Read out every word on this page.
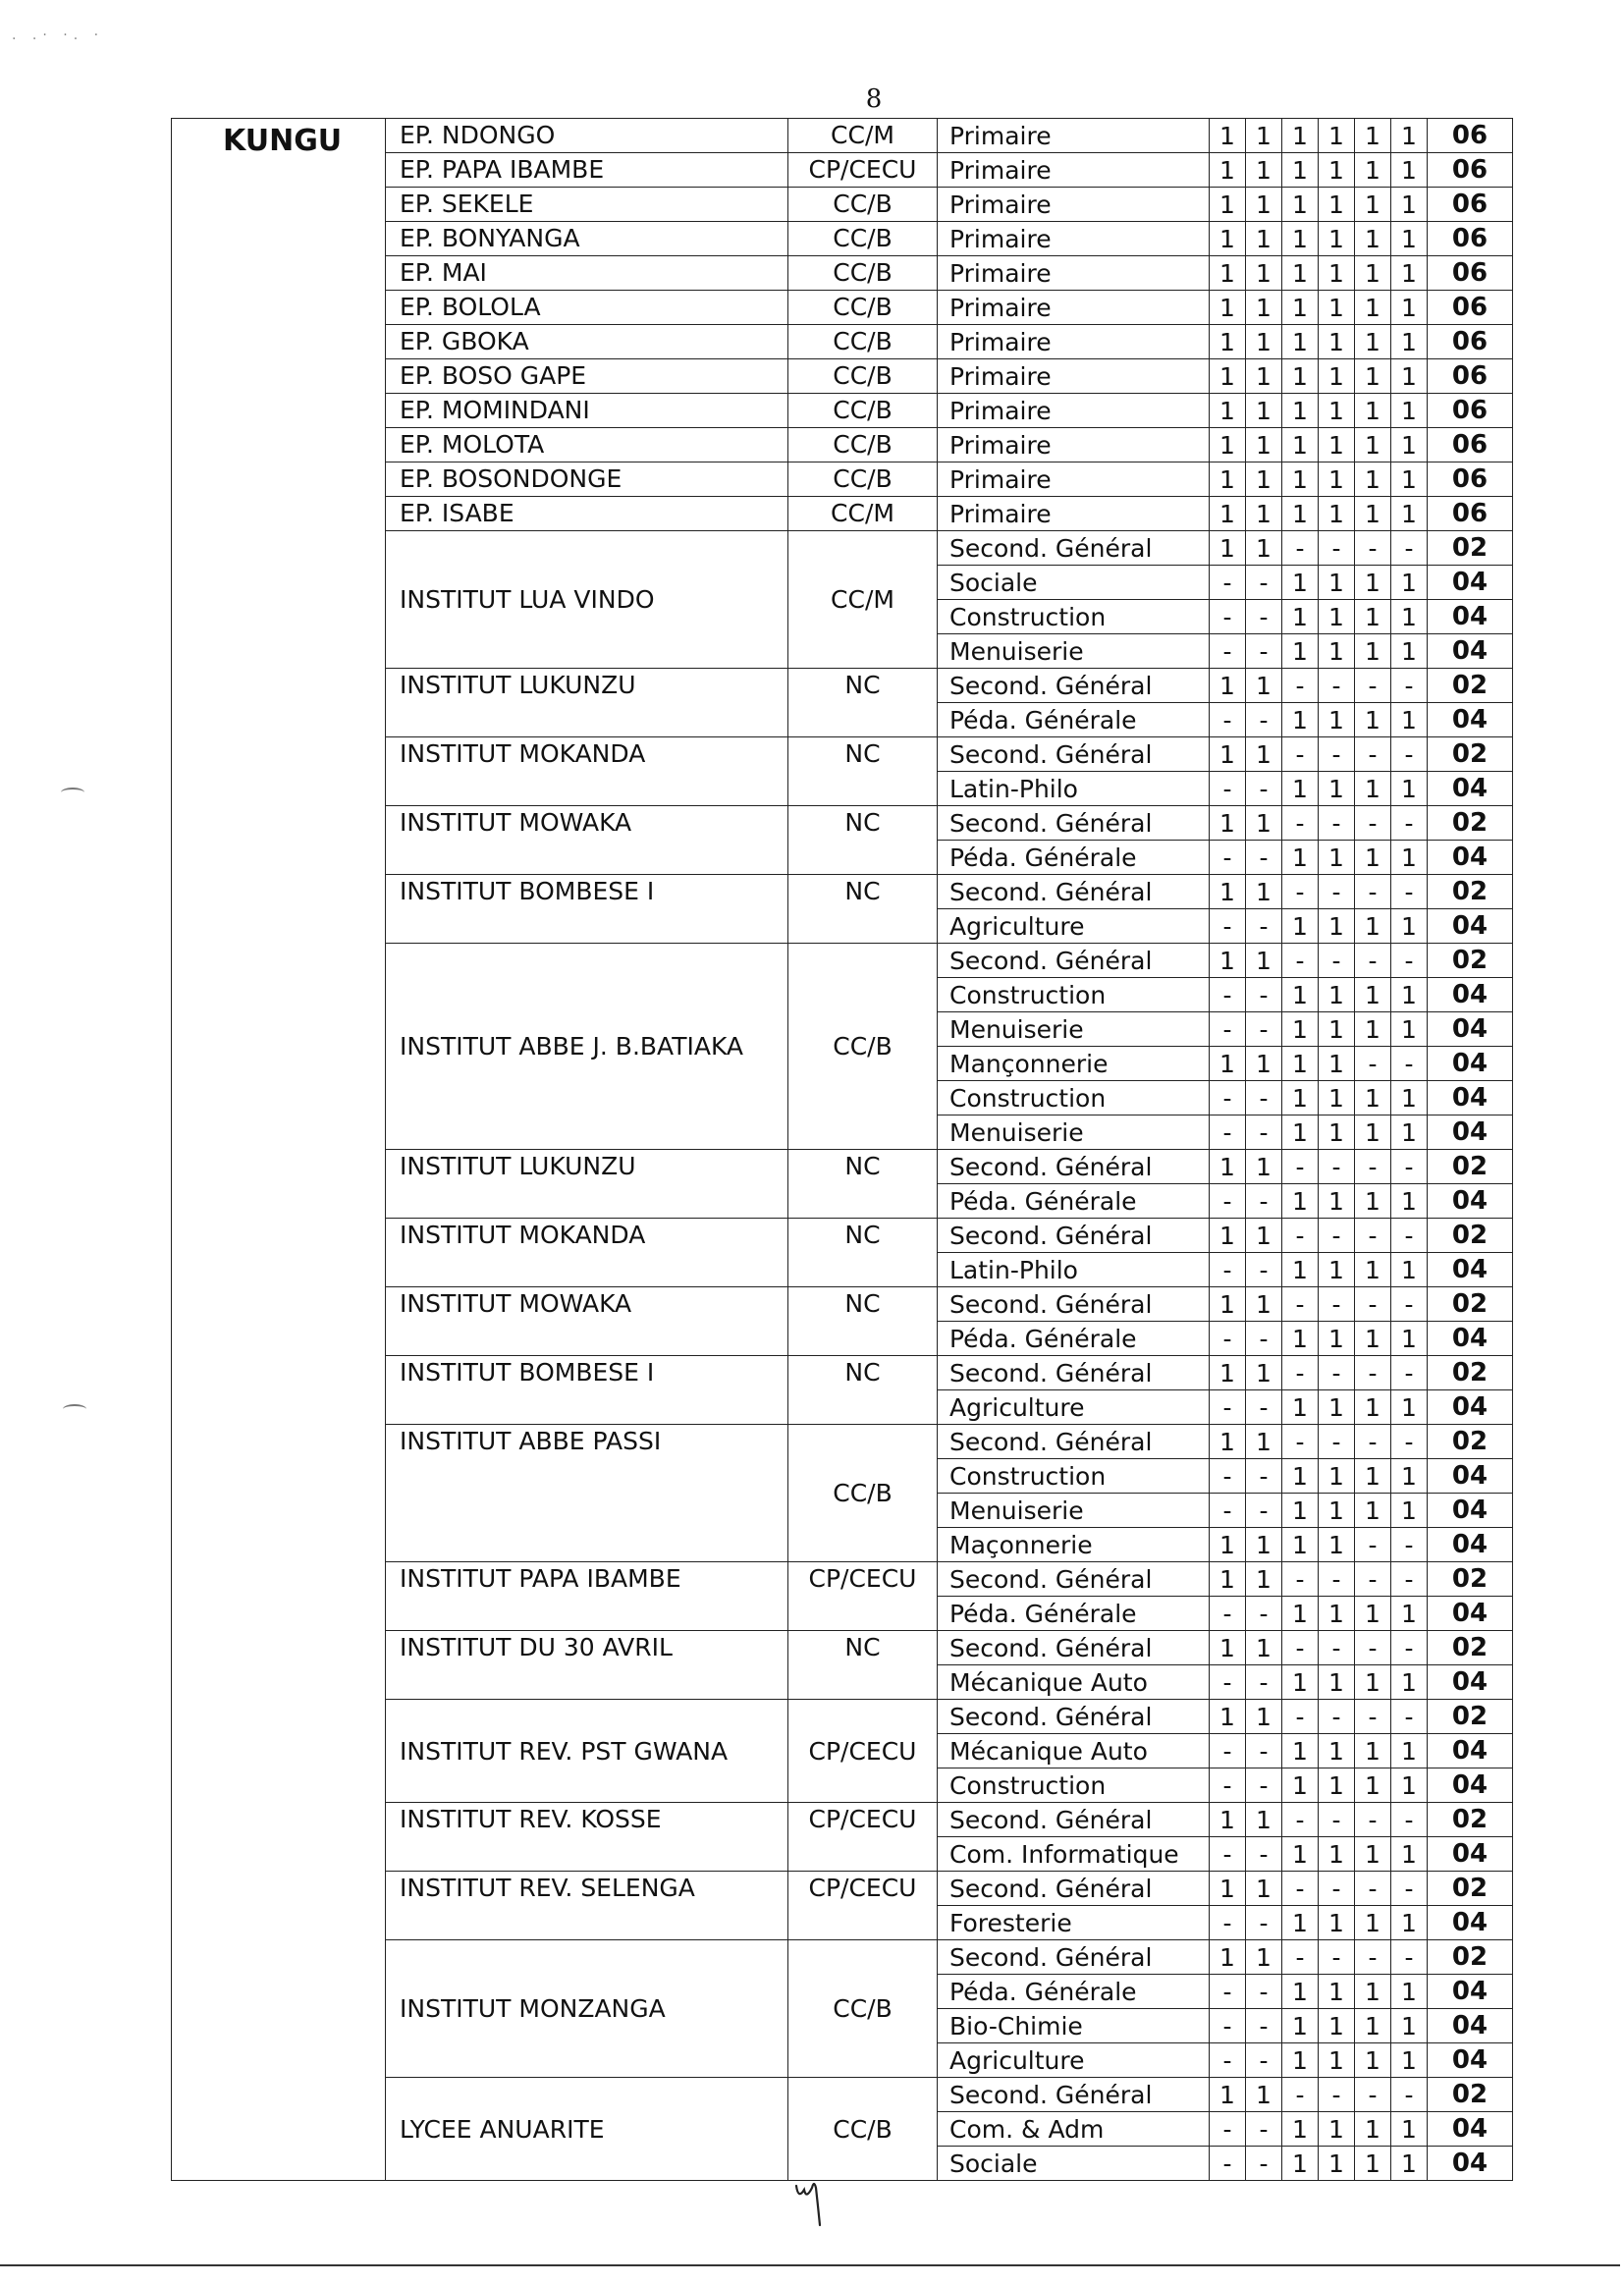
. .· ·. ·
8
KUNGU	EP. NDONGO	CC/M	Primaire	1	1	1	1	1	1	06
	EP. PAPA IBAMBE	CP/CECU	Primaire	1	1	1	1	1	1	06
	EP. SEKELE	CC/B	Primaire	1	1	1	1	1	1	06
	EP. BONYANGA	CC/B	Primaire	1	1	1	1	1	1	06
	EP. MAI	CC/B	Primaire	1	1	1	1	1	1	06
	EP. BOLOLA	CC/B	Primaire	1	1	1	1	1	1	06
	EP. GBOKA	CC/B	Primaire	1	1	1	1	1	1	06
	EP. BOSO GAPE	CC/B	Primaire	1	1	1	1	1	1	06
	EP. MOMINDANI	CC/B	Primaire	1	1	1	1	1	1	06
	EP. MOLOTA	CC/B	Primaire	1	1	1	1	1	1	06
	EP. BOSONDONGE	CC/B	Primaire	1	1	1	1	1	1	06
	EP. ISABE	CC/M	Primaire	1	1	1	1	1	1	06
	INSTITUT LUA VINDO	CC/M	Second. Général	1	1	-	-	-	-	02
			Sociale	-	-	1	1	1	1	04
			Construction	-	-	1	1	1	1	04
			Menuiserie	-	-	1	1	1	1	04
	INSTITUT LUKUNZU	NC	Second. Général	1	1	-	-	-	-	02
			Péda. Générale	-	-	1	1	1	1	04
	INSTITUT MOKANDA	NC	Second. Général	1	1	-	-	-	-	02
			Latin-Philo	-	-	1	1	1	1	04
	INSTITUT MOWAKA	NC	Second. Général	1	1	-	-	-	-	02
			Péda. Générale	-	-	1	1	1	1	04
	INSTITUT BOMBESE I	NC	Second. Général	1	1	-	-	-	-	02
			Agriculture	-	-	1	1	1	1	04
	INSTITUT ABBE J. B.BATIAKA	CC/B	Second. Général	1	1	-	-	-	-	02
			Construction	-	-	1	1	1	1	04
			Menuiserie	-	-	1	1	1	1	04
			Mançonnerie	1	1	1	1	-	-	04
			Construction	-	-	1	1	1	1	04
			Menuiserie	-	-	1	1	1	1	04
	INSTITUT LUKUNZU	NC	Second. Général	1	1	-	-	-	-	02
			Péda. Générale	-	-	1	1	1	1	04
	INSTITUT MOKANDA	NC	Second. Général	1	1	-	-	-	-	02
			Latin-Philo	-	-	1	1	1	1	04
	INSTITUT MOWAKA	NC	Second. Général	1	1	-	-	-	-	02
			Péda. Générale	-	-	1	1	1	1	04
	INSTITUT BOMBESE I	NC	Second. Général	1	1	-	-	-	-	02
			Agriculture	-	-	1	1	1	1	04
	INSTITUT ABBE PASSI	CC/B	Second. Général	1	1	-	-	-	-	02
			Construction	-	-	1	1	1	1	04
			Menuiserie	-	-	1	1	1	1	04
			Maçonnerie	1	1	1	1	-	-	04
	INSTITUT PAPA IBAMBE	CP/CECU	Second. Général	1	1	-	-	-	-	02
			Péda. Générale	-	-	1	1	1	1	04
	INSTITUT DU 30 AVRIL	NC	Second. Général	1	1	-	-	-	-	02
			Mécanique Auto	-	-	1	1	1	1	04
	INSTITUT REV. PST GWANA	CP/CECU	Second. Général	1	1	-	-	-	-	02
			Mécanique Auto	-	-	1	1	1	1	04
			Construction	-	-	1	1	1	1	04
	INSTITUT REV. KOSSE	CP/CECU	Second. Général	1	1	-	-	-	-	02
			Com. Informatique	-	-	1	1	1	1	04
	INSTITUT REV. SELENGA	CP/CECU	Second. Général	1	1	-	-	-	-	02
			Foresterie	-	-	1	1	1	1	04
	INSTITUT MONZANGA	CC/B	Second. Général	1	1	-	-	-	-	02
			Péda. Générale	-	-	1	1	1	1	04
			Bio-Chimie	-	-	1	1	1	1	04
			Agriculture	-	-	1	1	1	1	04
	LYCEE ANUARITE	CC/B	Second. Général	1	1	-	-	-	-	02
			Com. & Adm	-	-	1	1	1	1	04
			Sociale	-	-	1	1	1	1	04
